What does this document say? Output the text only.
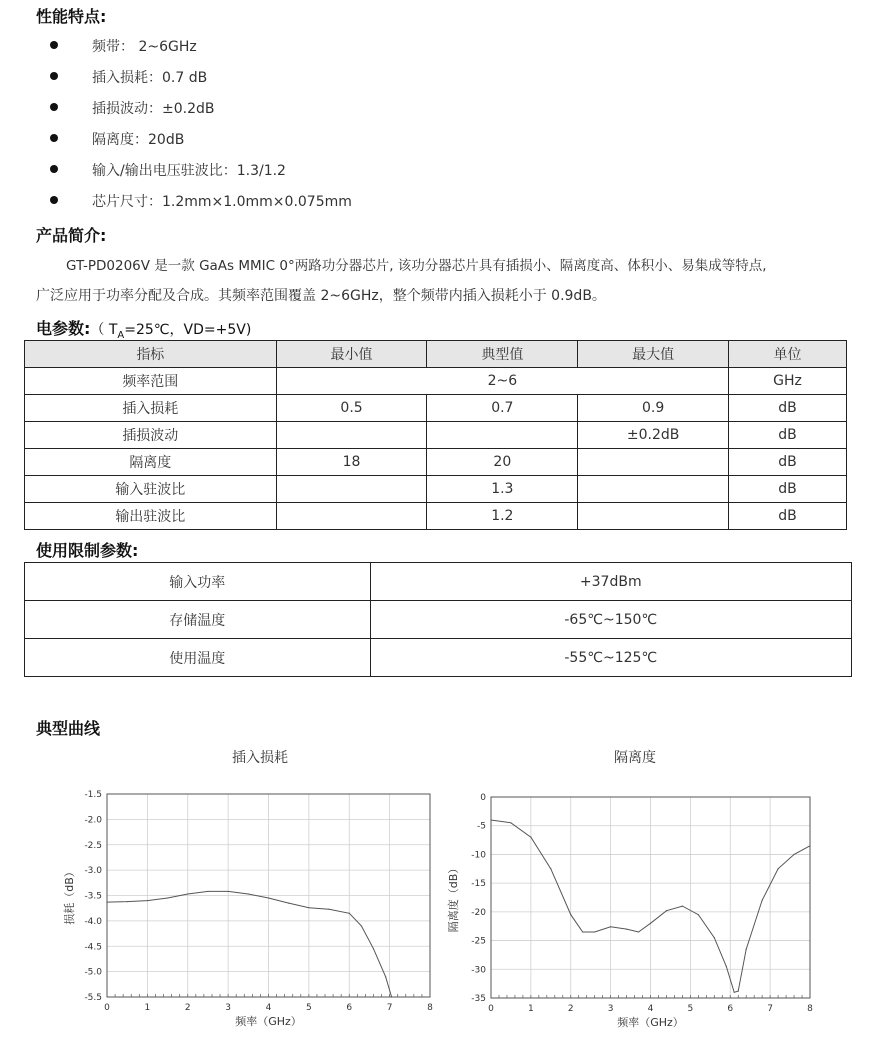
性能特点:
频带： 2~6GHz
插入损耗：0.7 dB
插损波动：±0.2dB
隔离度：20dB
输入/输出电压驻波比：1.3/1.2
芯片尺寸：1.2mm×1.0mm×0.075mm
产品简介:
GT-PD0206V 是一款 GaAs MMIC 0°两路功分器芯片, 该功分器芯片具有插损小、隔离度高、体积小、易集成等特点,
广泛应用于功率分配及合成。其频率范围覆盖 2~6GHz，整个频带内插入损耗小于 0.9dB。
电参数:（ $T_A=25℃$，VD=+5V)
指标	最小值	典型值	最大值	单位
频率范围	2~6			GHz
插入损耗	0.5	0.7	0.9	dB
插损波动			±0.2dB	dB
隔离度	18	20		dB
输入驻波比		1.3		dB
输出驻波比		1.2		dB
使用限制参数:
输入功率	+37dBm
存储温度	-65℃~150℃
使用温度	-55℃~125℃
典型曲线
插入损耗	隔离度
0	1	2	3	4	5	6	7	8
-1.5
-2.0
-2.5
-3.0
-3.5
-4.0
-4.5
-5.0
-5.5
频率（GHz）
损耗（dB）
0	1	2	3	4	5	6	7	8
0
-5
-10
-15
-20
-25
-30
-35
频率（GHz）
隔离度（dB）
